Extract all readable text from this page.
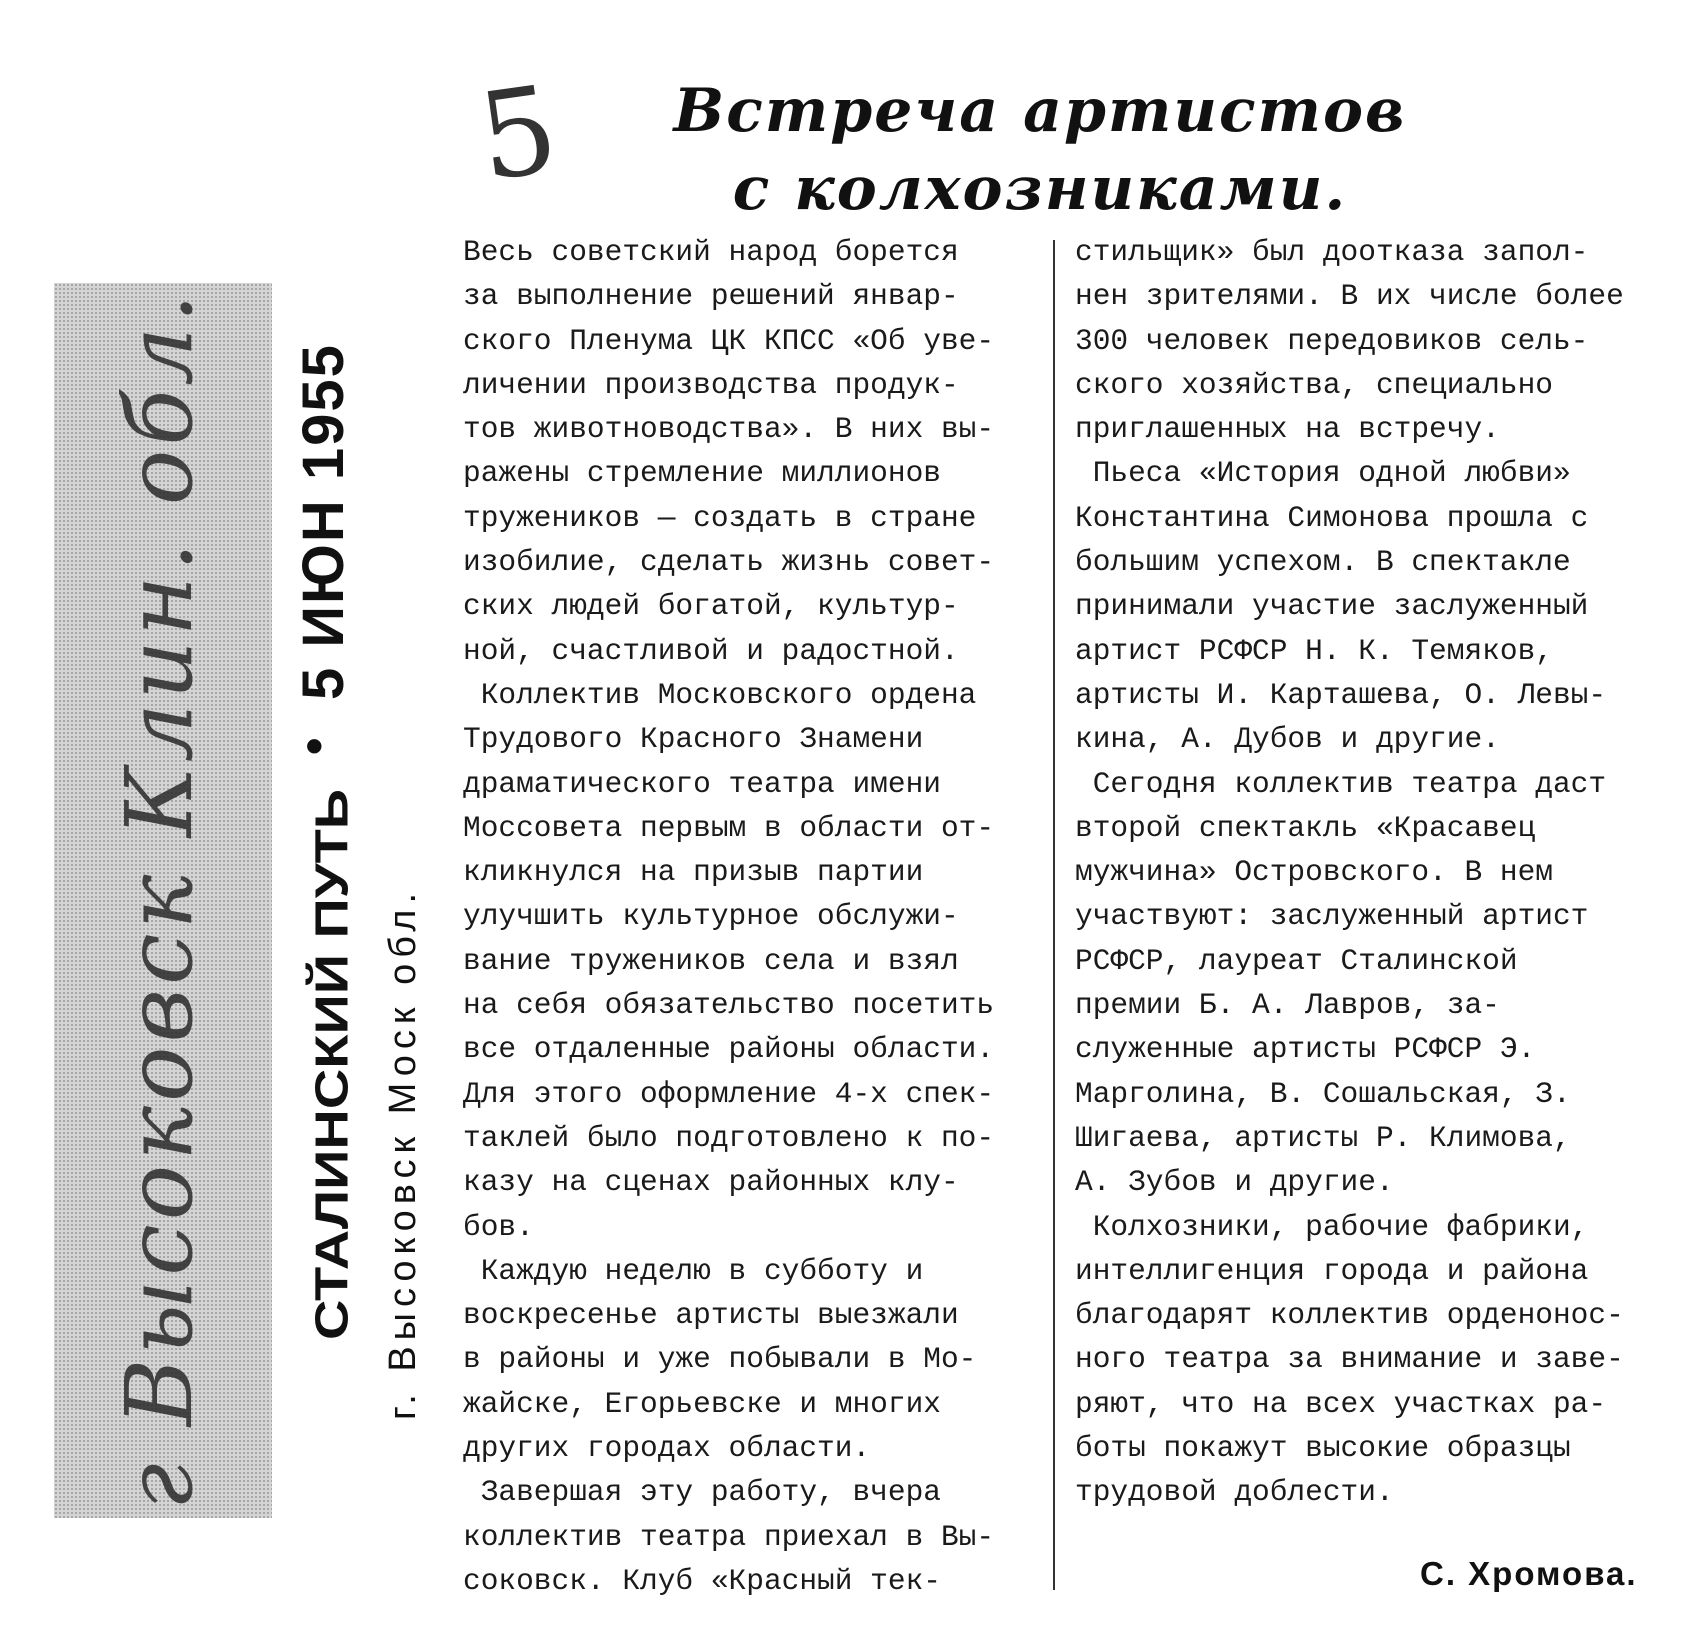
г Высоковск Клин. обл. 5 ИЮН 1955
•
СТАЛИНСКИЙ ПУТЬ г. Высоковск Моск обл.
5	Встреча артистов
с колхозниками.
Весь советский народ борется
за выполнение решений январ-
ского Пленума ЦК КПСС «Об уве-
личении производства продук-
тов животноводства». В них вы-
ражены стремление миллионов
тружеников — создать в стране
изобилие, сделать жизнь совет-
ских людей богатой, культур-
ной, счастливой и радостной.
Коллектив Московского ордена
Трудового Красного Знамени
драматического театра имени
Моссовета первым в области от-
кликнулся на призыв партии
улучшить культурное обслужи-
вание тружеников села и взял
на себя обязательство посетить
все отдаленные районы области.
Для этого оформление 4-х спек-
таклей было подготовлено к по-
казу на сценах районных клу-
бов.
Каждую неделю в субботу и
воскресенье артисты выезжали
в районы и уже побывали в Мо-
жайске, Егорьевске и многих
других городах области.
Завершая эту работу, вчера
коллектив театра приехал в Вы-
соковск. Клуб «Красный тек-
стильщик» был доотказа запол-
нен зрителями. В их числе более
300 человек передовиков сель-
ского хозяйства, специально
приглашенных на встречу.
Пьеса «История одной любви»
Константина Симонова прошла с
большим успехом. В спектакле
принимали участие заслуженный
артист РСФСР Н. К. Темяков,
артисты И. Карташева, О. Левы-
кина, А. Дубов и другие.
Сегодня коллектив театра даст
второй спектакль «Красавец
мужчина» Островского. В нем
участвуют: заслуженный артист
РСФСР, лауреат Сталинской
премии Б. А. Лавров, за-
служенные артисты РСФСР Э.
Марголина, В. Сошальская, З.
Шигаева, артисты Р. Климова,
А. Зубов и другие.
Колхозники, рабочие фабрики,
интеллигенция города и района
благодарят коллектив орденонос-
ного театра за внимание и заве-
ряют, что на всех участках ра-
боты покажут высокие образцы
трудовой доблести.
С. Хромова.
